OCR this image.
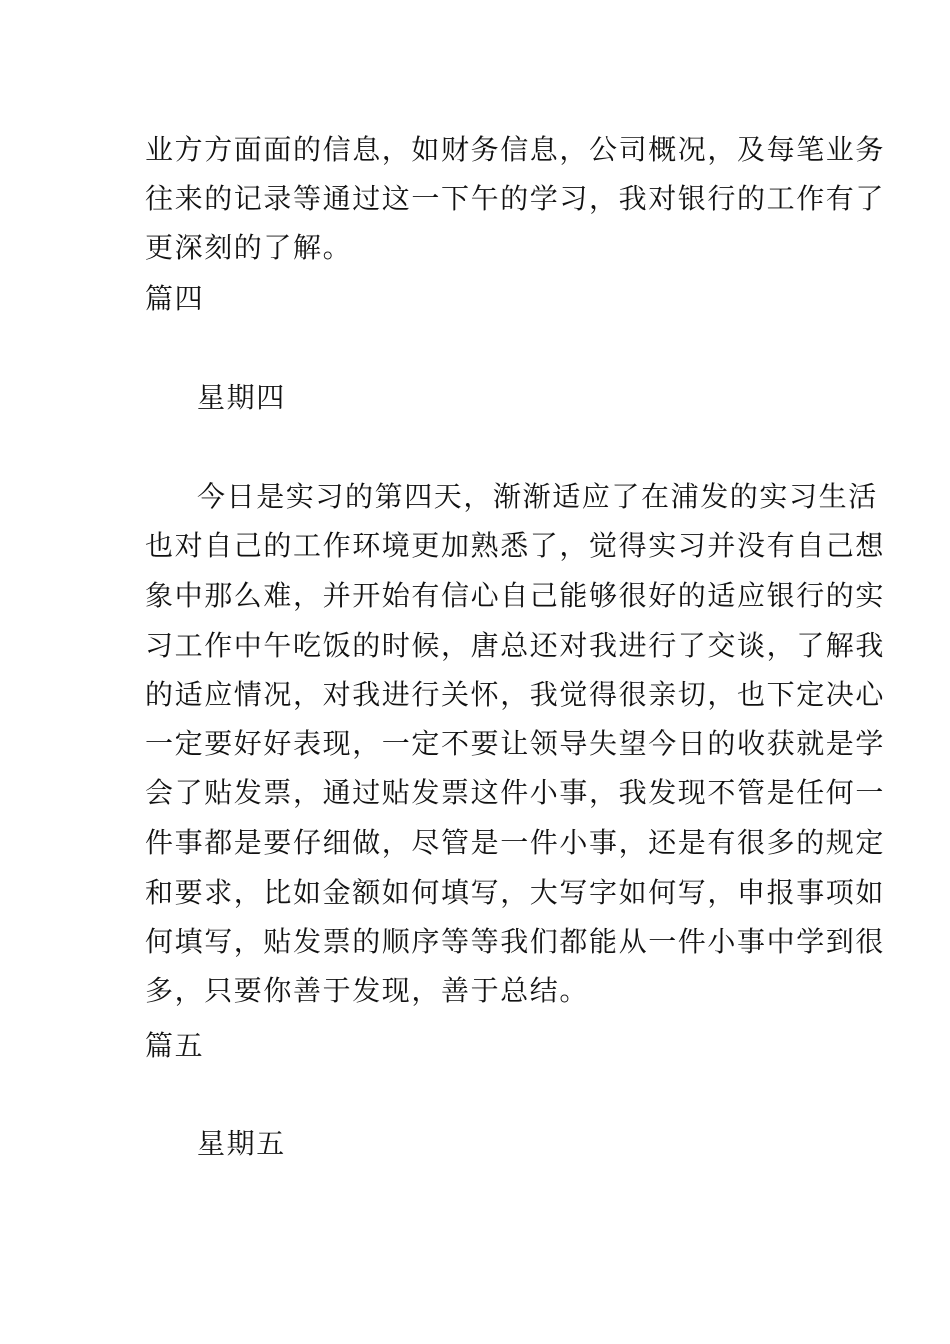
业方方面面的信息，如财务信息，公司概况，及每笔业务
往来的记录等通过这一下午的学习，我对银行的工作有了
更深刻的了解。
篇四
星期四
今日是实习的第四天，渐渐适应了在浦发的实习生活
也对自己的工作环境更加熟悉了，觉得实习并没有自己想
象中那么难，并开始有信心自己能够很好的适应银行的实
习工作中午吃饭的时候，唐总还对我进行了交谈，了解我
的适应情况，对我进行关怀，我觉得很亲切，也下定决心
一定要好好表现，一定不要让领导失望今日的收获就是学
会了贴发票，通过贴发票这件小事，我发现不管是任何一
件事都是要仔细做，尽管是一件小事，还是有很多的规定
和要求，比如金额如何填写，大写字如何写，申报事项如
何填写，贴发票的顺序等等我们都能从一件小事中学到很
多，只要你善于发现，善于总结。
篇五
星期五
